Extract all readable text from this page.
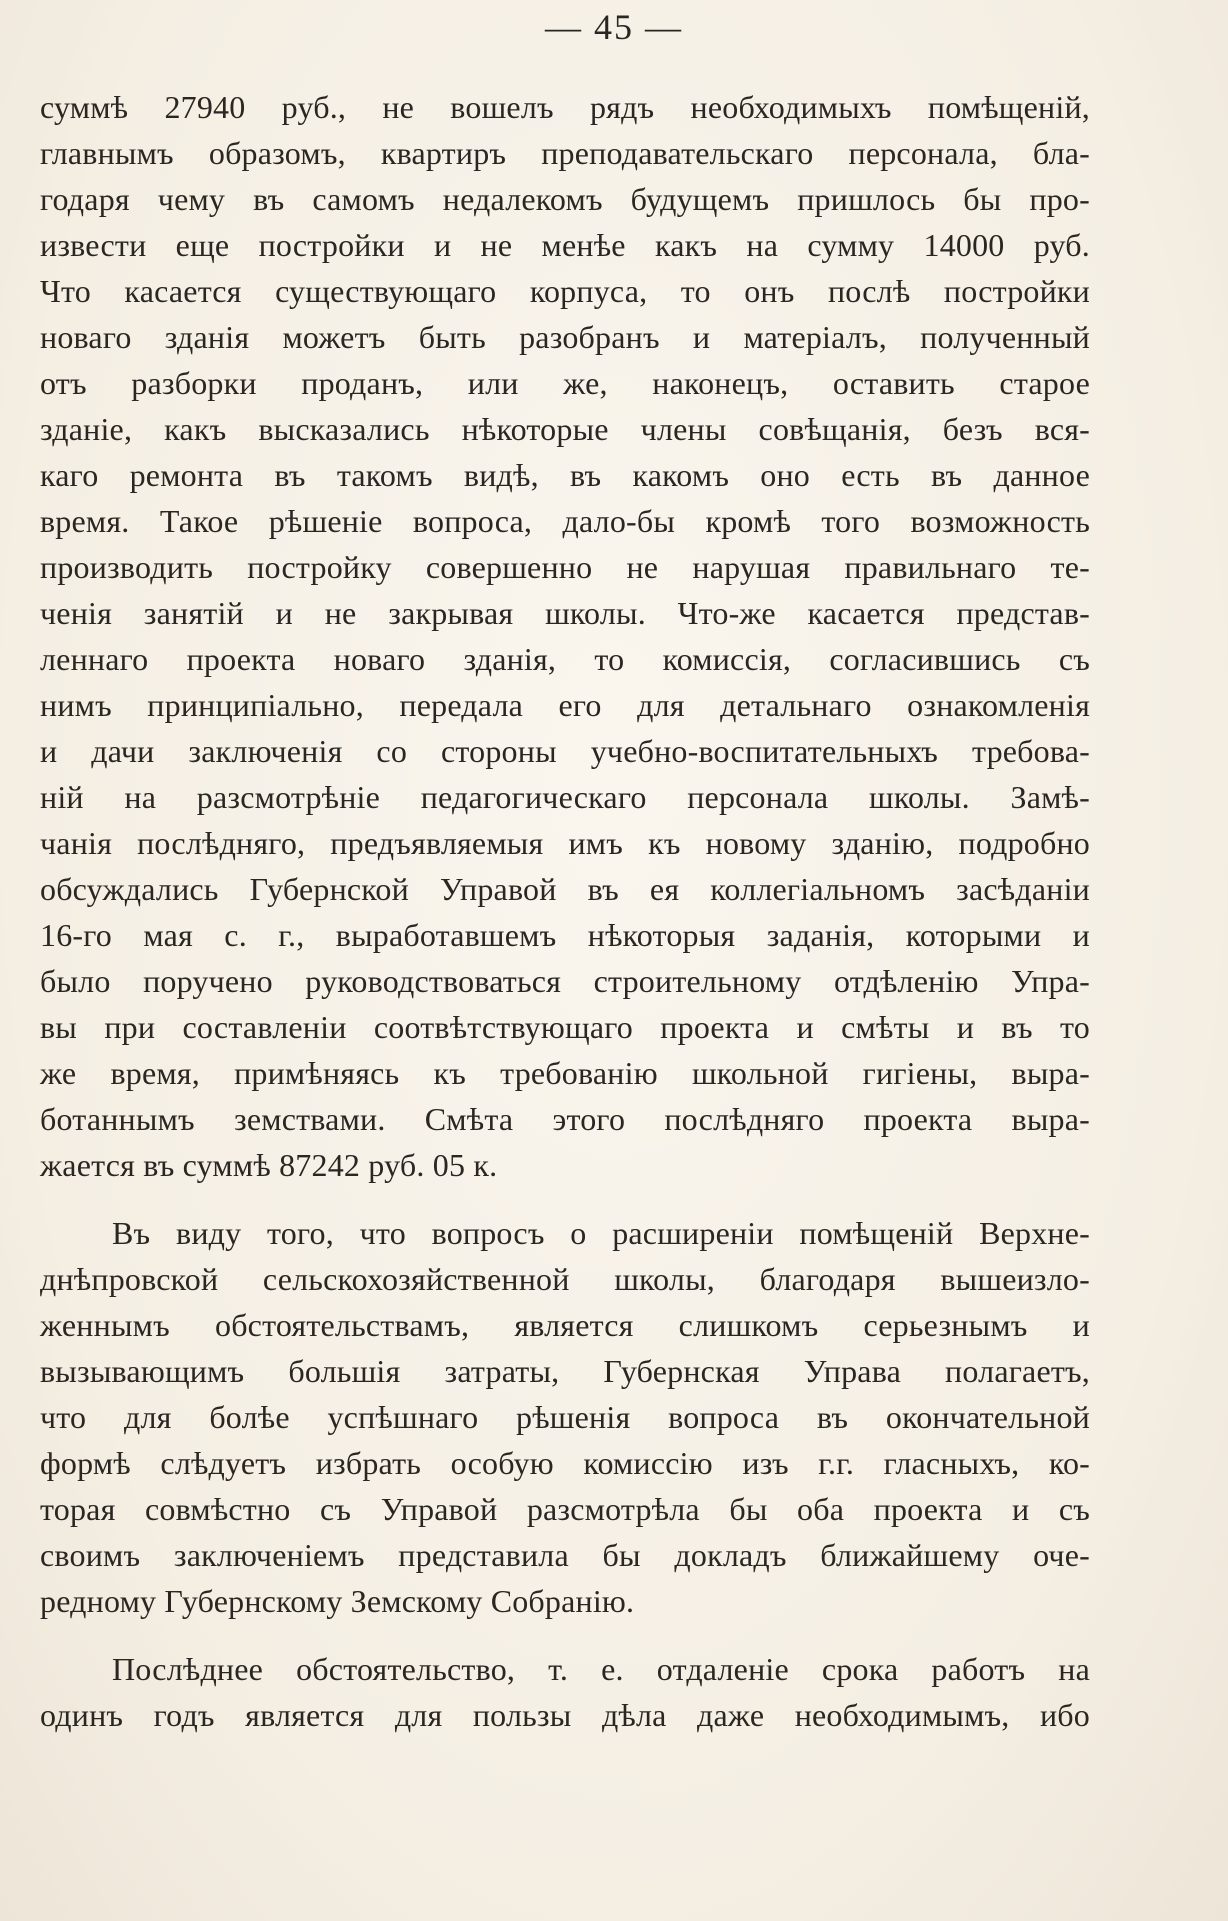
— 45 —

суммѣ 27940 руб., не вошелъ рядъ необходимыхъ помѣщеній,
главнымъ образомъ, квартиръ преподавательскаго персонала, бла-
годаря чему въ самомъ недалекомъ будущемъ пришлось бы про-
извести еще постройки и не менѣе какъ на сумму 14000 руб.
Что касается существующаго корпуса, то онъ послѣ постройки
новаго зданія можетъ быть разобранъ и матеріалъ, полученный
отъ разборки проданъ, или же, наконецъ, оставить старое
зданіе, какъ высказались нѣкоторые члены совѣщанія, безъ вся-
каго ремонта въ такомъ видѣ, въ какомъ оно есть въ данное
время. Такое рѣшеніе вопроса, дало-бы кромѣ того возможность
производить постройку совершенно не нарушая правильнаго те-
ченія занятій и не закрывая школы. Что-же касается представ-
леннаго проекта новаго зданія, то комиссія, согласившись съ
нимъ принципіально, передала его для детальнаго ознакомленія
и дачи заключенія со стороны учебно-воспитательныхъ требова-
ній на разсмотрѣніе педагогическаго персонала школы. Замѣ-
чанія послѣдняго, предъявляемыя имъ къ новому зданію, подробно
обсуждались Губернской Управой въ ея коллегіальномъ засѣданіи
16-го мая с. г., выработавшемъ нѣкоторыя заданія, которыми и
было поручено руководствоваться строительному отдѣленію Упра-
вы при составленіи соотвѣтствующаго проекта и смѣты и въ то
же время, примѣняясь къ требованію школьной гигіены, выра-
ботаннымъ земствами. Смѣта этого послѣдняго проекта выра-
жается въ суммѣ 87242 руб. 05 к.

Въ виду того, что вопросъ о расширеніи помѣщеній Верхне-
днѣпровской сельскохозяйственной школы, благодаря вышеизло-
женнымъ обстоятельствамъ, является слишкомъ серьезнымъ и
вызывающимъ большія затраты, Губернская Управа полагаетъ,
что для болѣе успѣшнаго рѣшенія вопроса въ окончательной
формѣ слѣдуетъ избрать особую комиссію изъ г.г. гласныхъ, ко-
торая совмѣстно съ Управой разсмотрѣла бы оба проекта и съ
своимъ заключеніемъ представила бы докладъ ближайшему оче-
редному Губернскому Земскому Собранію.

Послѣднее обстоятельство, т. е. отдаленіе срока работъ на
одинъ годъ является для пользы дѣла даже необходимымъ, ибо
